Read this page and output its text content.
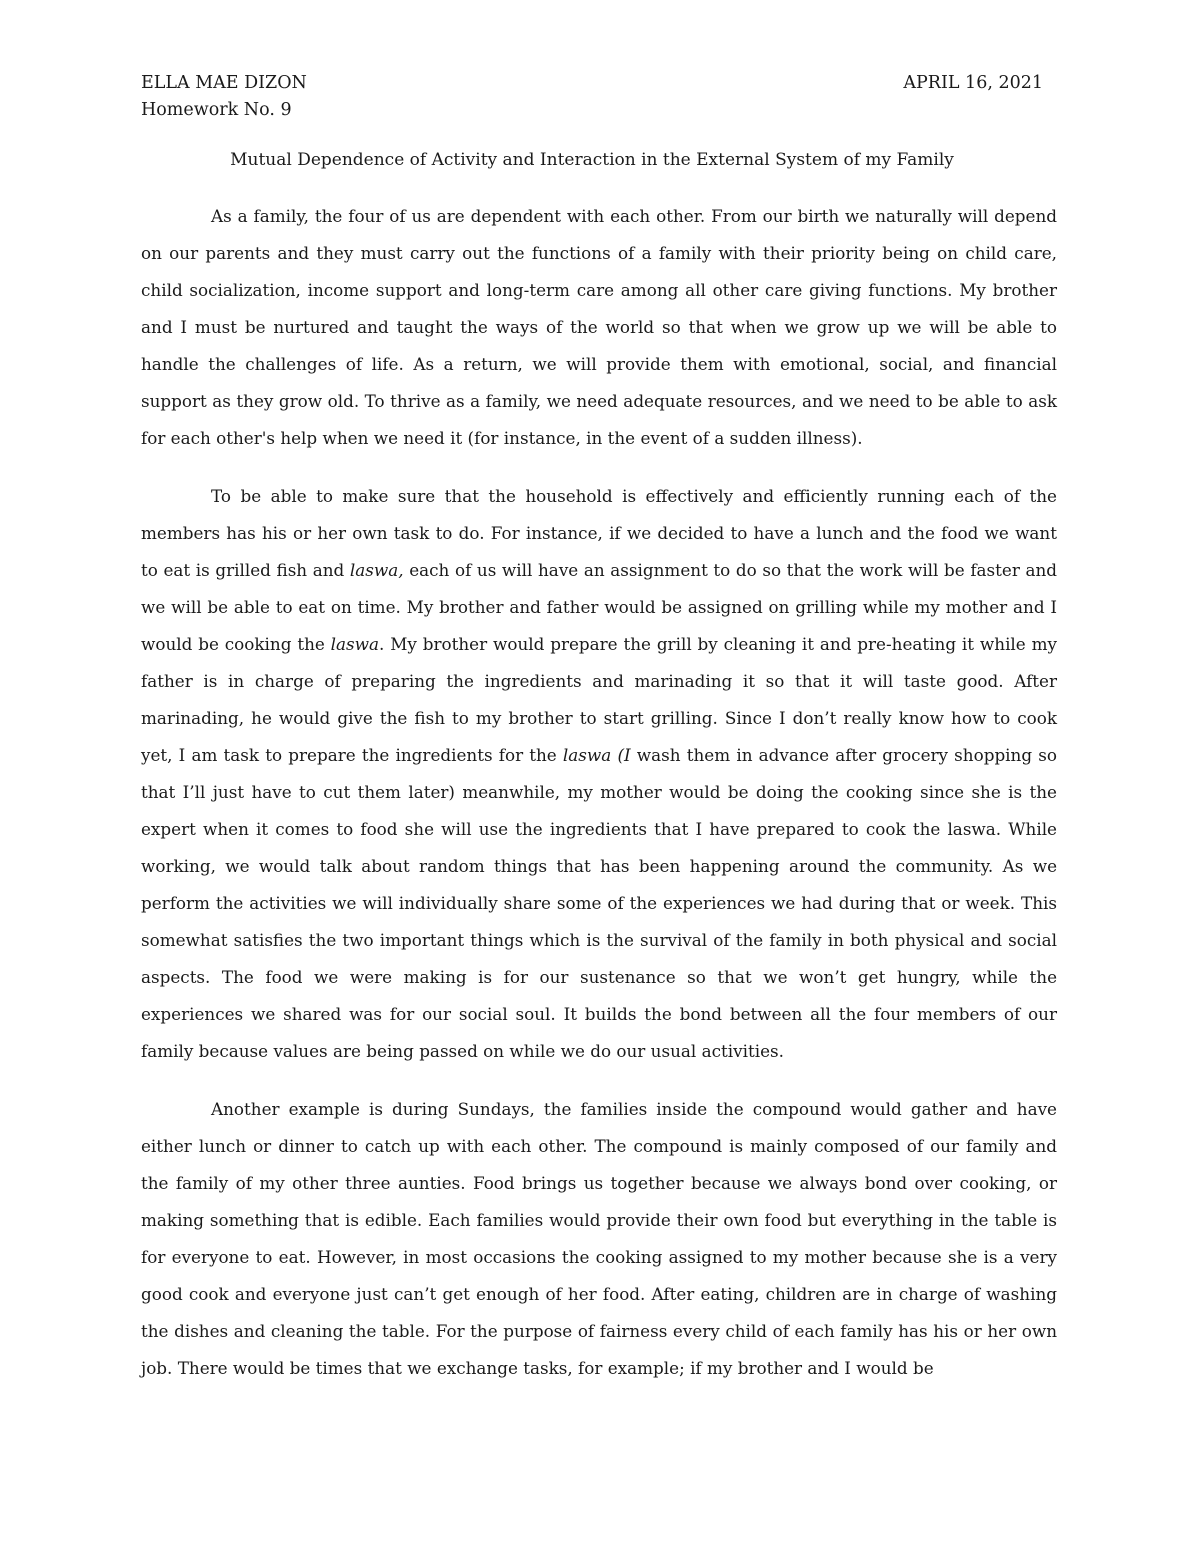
ELLA MAE DIZON	APRIL 16, 2021
Homework No. 9
Mutual Dependence of Activity and Interaction in the External System of my Family

As a family, the four of us are dependent with each other. From our birth we naturally will depend on our parents and they must carry out the functions of a family with their priority being on child care, child socialization, income support and long-term care among all other care giving functions. My brother and I must be nurtured and taught the ways of the world so that when we grow up we will be able to handle the challenges of life. As a return, we will provide them with emotional, social, and financial support as they grow old. To thrive as a family, we need adequate resources, and we need to be able to ask for each other's help when we need it (for instance, in the event of a sudden illness).

To be able to make sure that the household is effectively and efficiently running each of the members has his or her own task to do. For instance, if we decided to have a lunch and the food we want to eat is grilled fish and laswa, each of us will have an assignment to do so that the work will be faster and we will be able to eat on time. My brother and father would be assigned on grilling while my mother and I would be cooking the laswa. My brother would prepare the grill by cleaning it and pre-heating it while my father is in charge of preparing the ingredients and marinading it so that it will taste good. After marinading, he would give the fish to my brother to start grilling. Since I don’t really know how to cook yet, I am task to prepare the ingredients for the laswa (I wash them in advance after grocery shopping so that I’ll just have to cut them later) meanwhile, my mother would be doing the cooking since she is the expert when it comes to food she will use the ingredients that I have prepared to cook the laswa. While working, we would talk about random things that has been happening around the community. As we perform the activities we will individually share some of the experiences we had during that or week. This somewhat satisfies the two important things which is the survival of the family in both physical and social aspects. The food we were making is for our sustenance so that we won’t get hungry, while the experiences we shared was for our social soul. It builds the bond between all the four members of our family because values are being passed on while we do our usual activities.

Another example is during Sundays, the families inside the compound would gather and have either lunch or dinner to catch up with each other. The compound is mainly composed of our family and the family of my other three aunties. Food brings us together because we always bond over cooking, or making something that is edible. Each families would provide their own food but everything in the table is for everyone to eat. However, in most occasions the cooking assigned to my mother because she is a very good cook and everyone just can’t get enough of her food. After eating, children are in charge of washing the dishes and cleaning the table. For the purpose of fairness every child of each family has his or her own job. There would be times that we exchange tasks, for example; if my brother and I would be
